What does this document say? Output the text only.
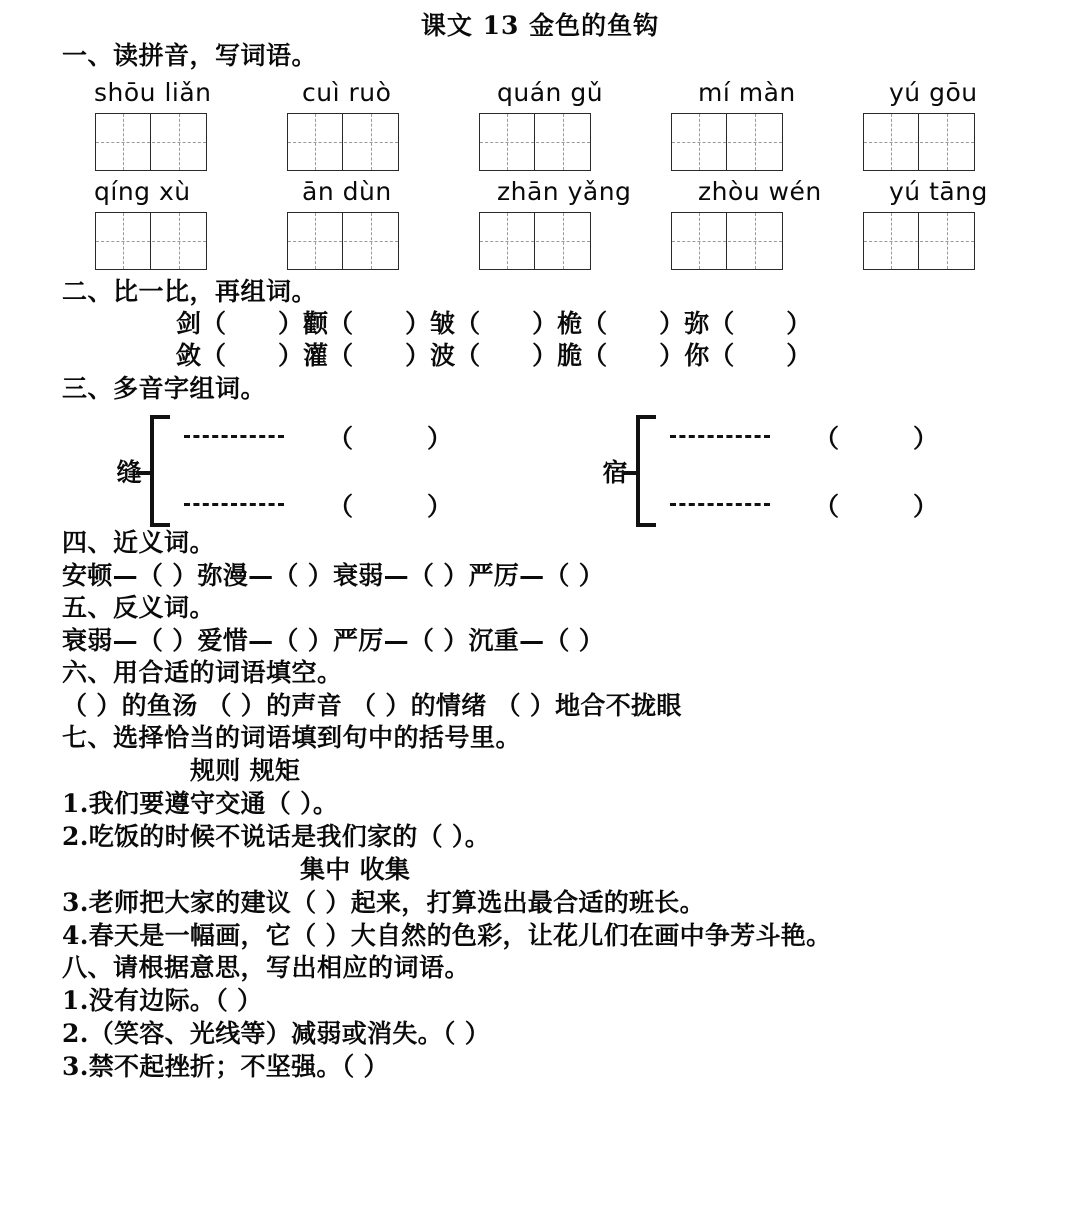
课文 13 金色的鱼钩
一、读拼音，写词语。
shōu liǎn	cuì ruò	quán gǔ	mí màn	yú gōu
qíng xù	ān dùn	zhān yǎng	zhòu wén	yú tāng
二、比一比，再组词。
剑（ ）颧（ ）皱（ ）桅（ ）弥（ ）
敛（ ）灌（ ）波（ ）脆（ ）你（ ）
三、多音字组词。
缝
（	）
（	）
宿
（	）
（	）
四、近义词。
安顿—（ ）弥漫—（ ）衰弱—（ ）严厉—（ ）
五、反义词。
衰弱—（ ）爱惜—（ ）严厉—（ ）沉重—（ ）
六、用合适的词语填空。
（ ）的鱼汤 （ ）的声音 （ ）的情绪 （ ）地合不拢眼
七、选择恰当的词语填到句中的括号里。
规则 规矩
1.我们要遵守交通（ ）。
2.吃饭的时候不说话是我们家的（ ）。
集中 收集
3.老师把大家的建议（ ）起来，打算选出最合适的班长。
4.春天是一幅画，它（ ）大自然的色彩，让花儿们在画中争芳斗艳。
八、请根据意思，写出相应的词语。
1.没有边际。（ ）
2.（笑容、光线等）减弱或消失。（ ）
3.禁不起挫折；不坚强。（ ）
